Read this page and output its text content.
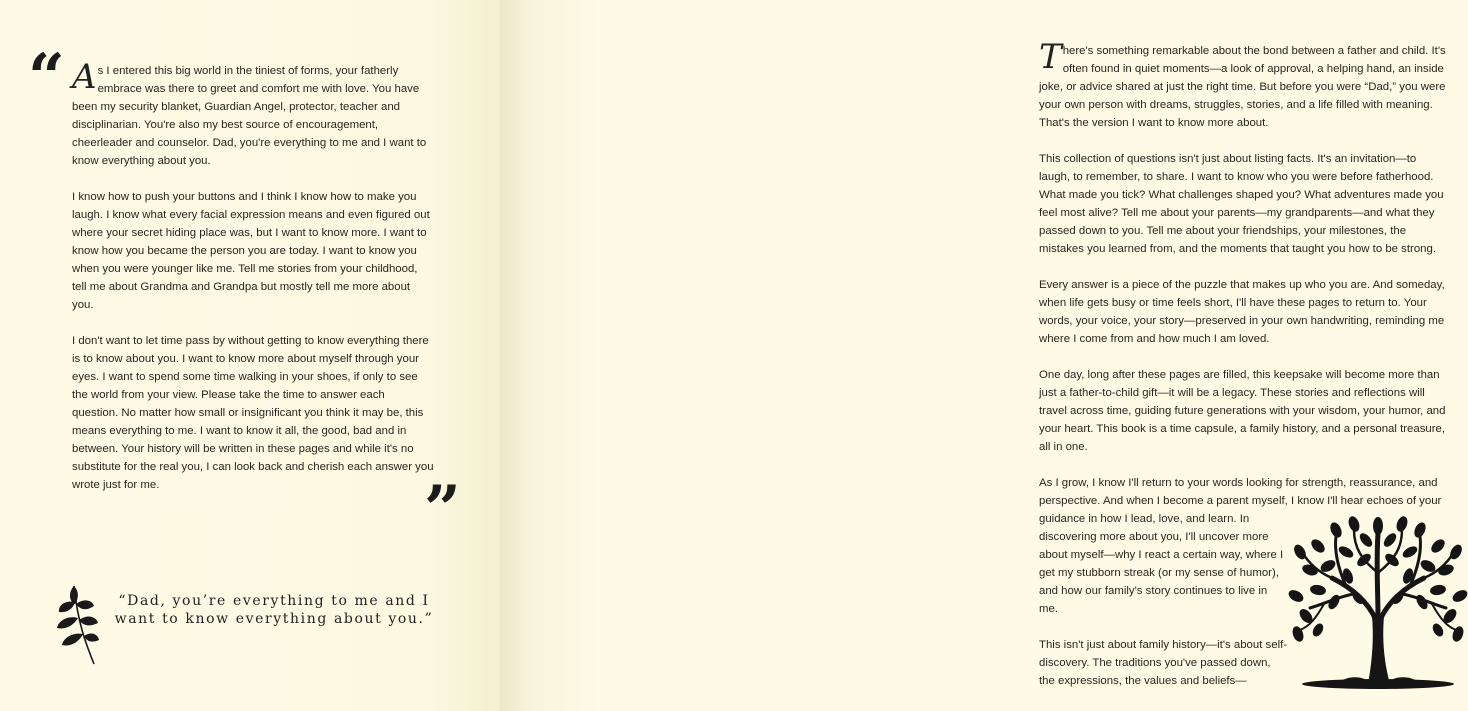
“ As I entered this big world in the tiniest of forms, your fatherly embrace was there to greet and comfort me with love. You have been my security blanket, Guardian Angel, protector, teacher and disciplinarian. You're also my best source of encouragement, cheerleader and counselor. Dad, you're everything to me and I want to know everything about you.

I know how to push your buttons and I think I know how to make you laugh. I know what every facial expression means and even figured out where your secret hiding place was, but I want to know more. I want to know how you became the person you are today. I want to know you when you were younger like me. Tell me stories from your childhood, tell me about Grandma and Grandpa but mostly tell me more about you.

I don't want to let time pass by without getting to know everything there is to know about you. I want to know more about myself through your eyes. I want to spend some time walking in your shoes, if only to see the world from your view. Please take the time to answer each question. No matter how small or insignificant you think it may be, this means everything to me. I want to know it all, the good, bad and in between. Your history will be written in these pages and while it's no substitute for the real you, I can look back and cherish each answer you wrote just for me.	”
“Dad, you’re everything to me and I want to know everything about you.”

There's something remarkable about the bond between a father and child. It's often found in quiet moments—a look of approval, a helping hand, an inside joke, or advice shared at just the right time. But before you were “Dad,” you were your own person with dreams, struggles, stories, and a life filled with meaning. That's the version I want to know more about.

This collection of questions isn't just about listing facts. It's an invitation—to laugh, to remember, to share. I want to know who you were before fatherhood. What made you tick? What challenges shaped you? What adventures made you feel most alive? Tell me about your parents—my grandparents—and what they passed down to you. Tell me about your friendships, your milestones, the mistakes you learned from, and the moments that taught you how to be strong.

Every answer is a piece of the puzzle that makes up who you are. And someday, when life gets busy or time feels short, I'll have these pages to return to. Your words, your voice, your story—preserved in your own handwriting, reminding me where I come from and how much I am loved.

One day, long after these pages are filled, this keepsake will become more than just a father-to-child gift—it will be a legacy. These stories and reflections will travel across time, guiding future generations with your wisdom, your humor, and your heart. This book is a time capsule, a family history, and a personal treasure, all in one.

As I grow, I know I'll return to your words looking for strength, reassurance, and perspective. And when I become a parent myself, I know I'll hear echoes of your guidance in how I lead, love, and learn. In

discovering more about you, I'll uncover more about myself—why I react a certain way, where I get my stubborn streak (or my sense of humor), and how our family's story continues to live in me.

This isn't just about family history—it's about self-discovery. The traditions you've passed down, the expressions, the values and beliefs—
